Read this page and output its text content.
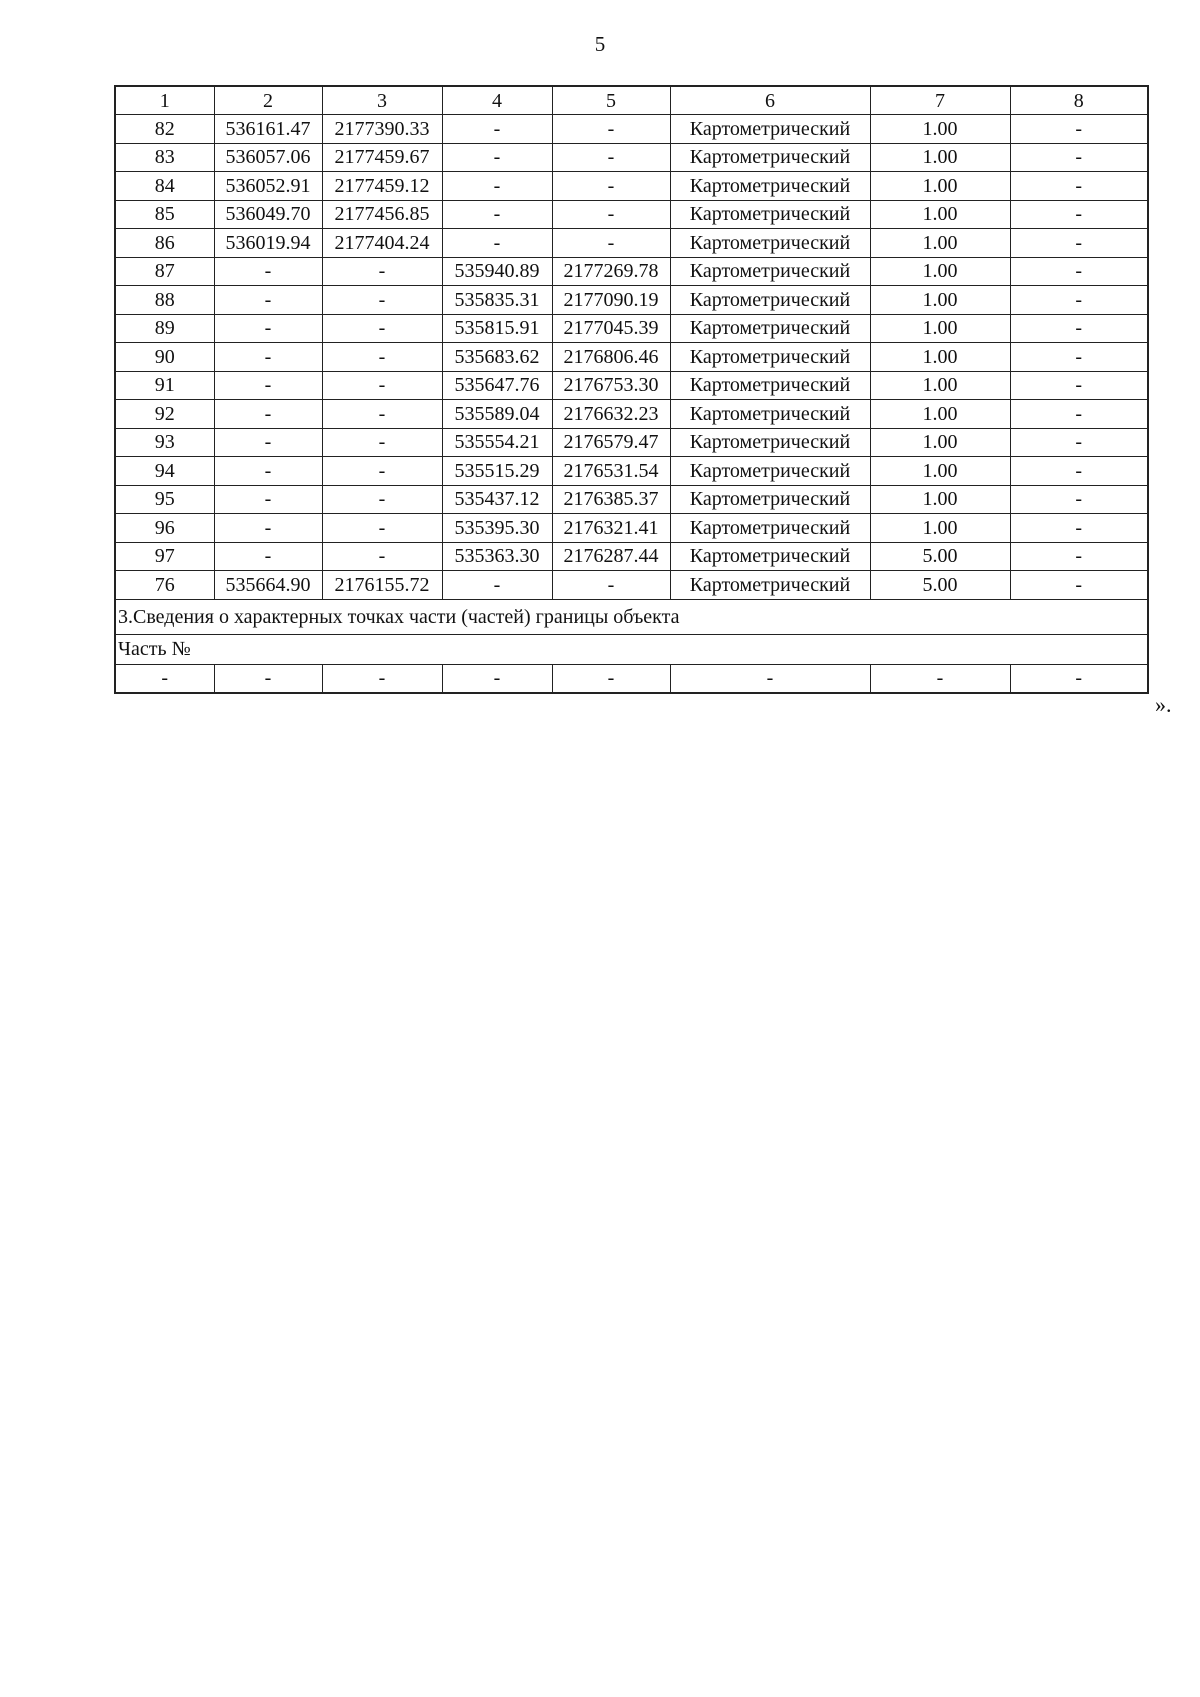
5
1	2	3	4	5	6	7	8
82	536161.47	2177390.33	-	-	Картометрический	1.00	-
83	536057.06	2177459.67	-	-	Картометрический	1.00	-
84	536052.91	2177459.12	-	-	Картометрический	1.00	-
85	536049.70	2177456.85	-	-	Картометрический	1.00	-
86	536019.94	2177404.24	-	-	Картометрический	1.00	-
87	-	-	535940.89	2177269.78	Картометрический	1.00	-
88	-	-	535835.31	2177090.19	Картометрический	1.00	-
89	-	-	535815.91	2177045.39	Картометрический	1.00	-
90	-	-	535683.62	2176806.46	Картометрический	1.00	-
91	-	-	535647.76	2176753.30	Картометрический	1.00	-
92	-	-	535589.04	2176632.23	Картометрический	1.00	-
93	-	-	535554.21	2176579.47	Картометрический	1.00	-
94	-	-	535515.29	2176531.54	Картометрический	1.00	-
95	-	-	535437.12	2176385.37	Картометрический	1.00	-
96	-	-	535395.30	2176321.41	Картометрический	1.00	-
97	-	-	535363.30	2176287.44	Картометрический	5.00	-
76	535664.90	2176155.72	-	-	Картометрический	5.00	-
3.Сведения о характерных точках части (частей) границы объекта							
Часть №							
-	-	-	-	-	-	-	-
».
